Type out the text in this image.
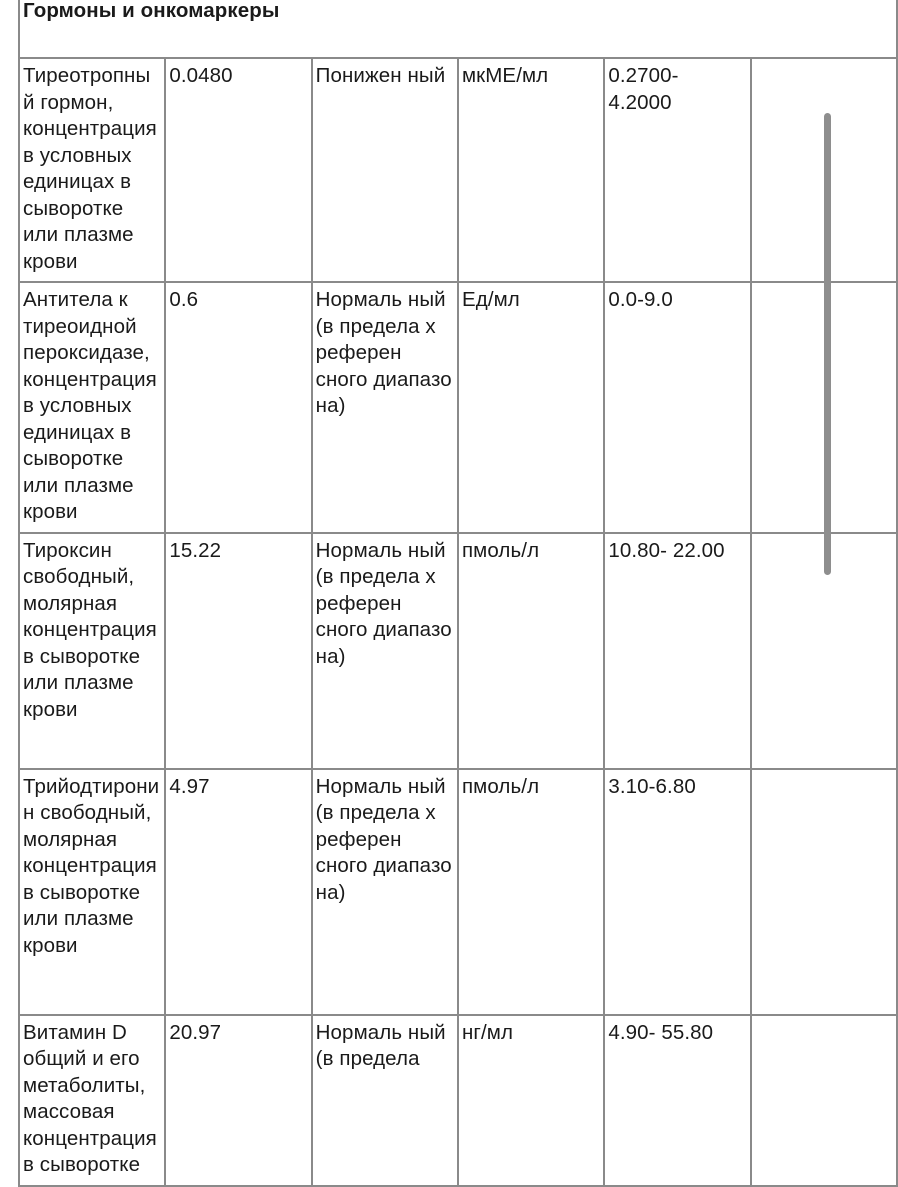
Гормоны и онкомаркеры					
Тиреотропный гормон, концентрация в условных единицах в сыворотке или плазме крови	0.0480	Понижен ный	мкМЕ/мл	0.2700- 4.2000	
Антитела к тиреоидной пероксидазе, концентрация в условных единицах в сыворотке или плазме крови	0.6	Нормаль ный (в предела х референ сного диапазо на)	Ед/мл	0.0-9.0	
Тироксин свободный, молярная концентрация в сыворотке или плазме крови	15.22	Нормаль ный (в предела х референ сного диапазо на)	пмоль/л	10.80- 22.00	
Трийодтиронин свободный, молярная концентрация в сыворотке или плазме крови	4.97	Нормаль ный (в предела х референ сного диапазо на)	пмоль/л	3.10-6.80	
Витамин D общий и его метаболиты, массовая концентрация в сыворотке	20.97	Нормаль ный (в предела	нг/мл	4.90- 55.80	
